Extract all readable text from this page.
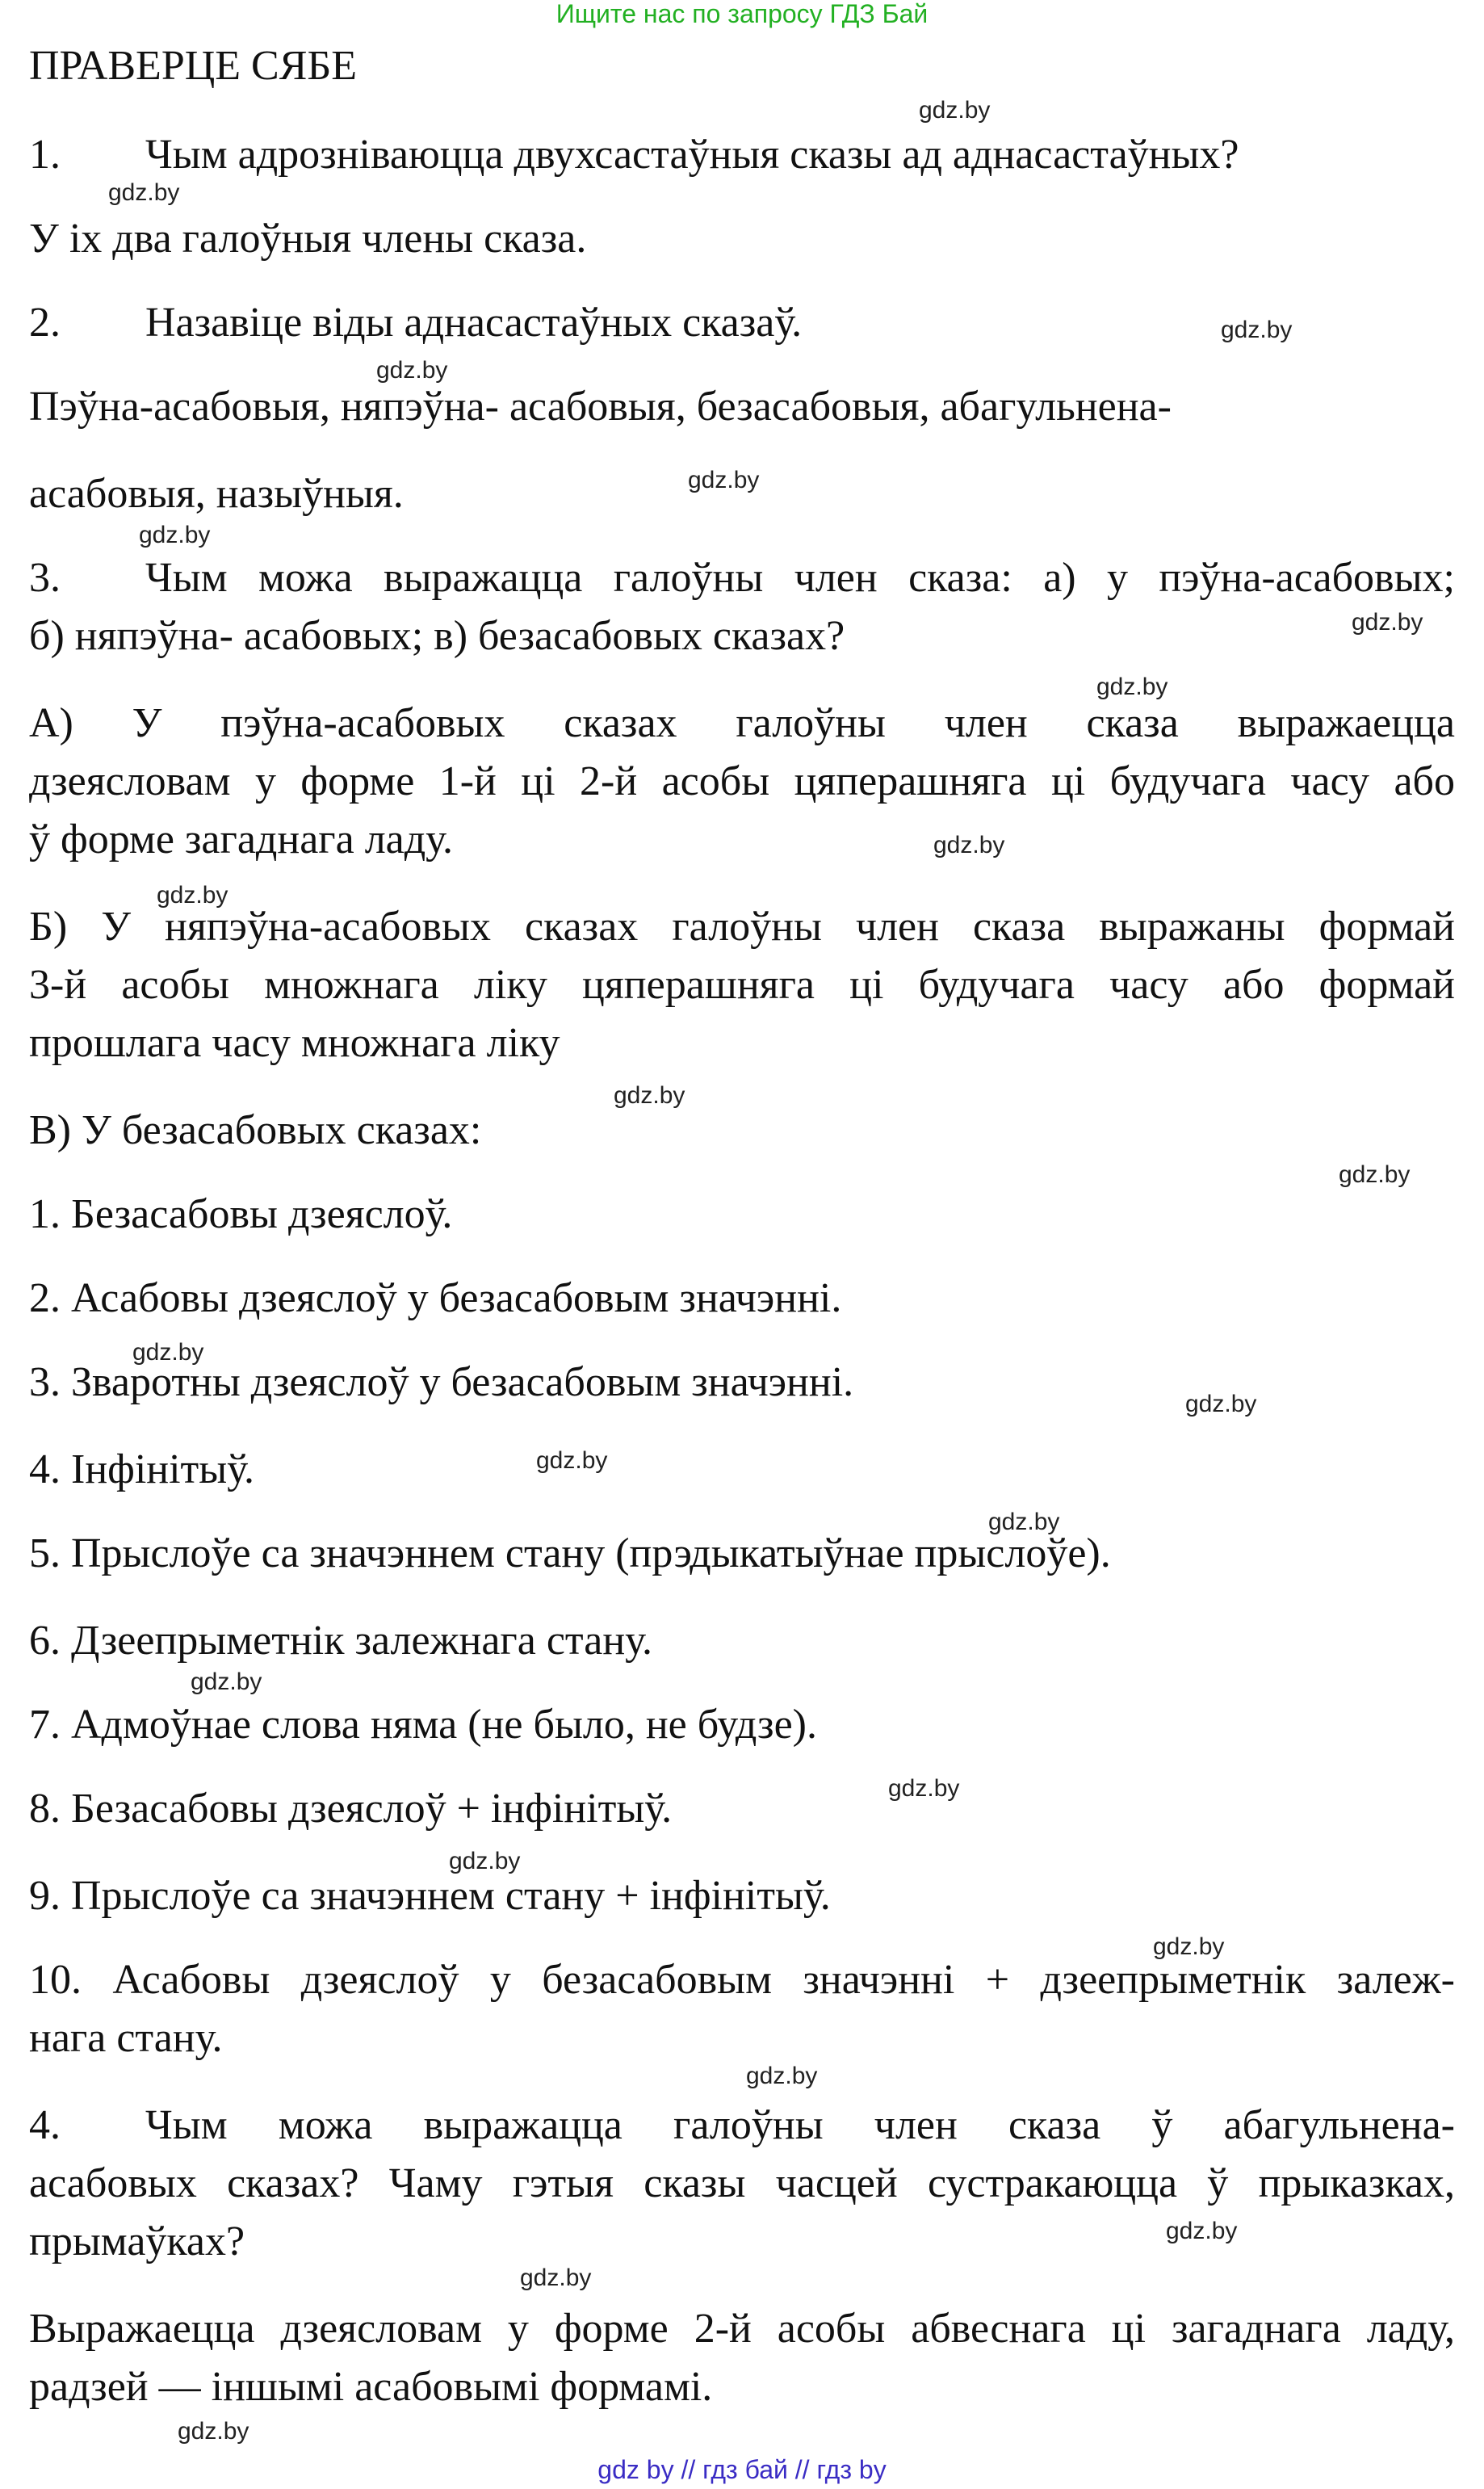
Ищите нас по запросу ГДЗ Бай

ПРАВЕРЦЕ СЯБЕ

1. Чым адрозніваюцца двухсастаўныя сказы ад аднасастаўных?

У іх два галоўныя члены сказа.

2. Назавіце віды аднасастаўных сказаў.

Пэўна-асабовыя, няпэўна- асабовыя, безасабовыя, абагульнена-

асабовыя, назыўныя.

3. Чым можа выражацца галоўны член сказа: а) у пэўна-асабовых;

б) няпэўна- асабовых; в) безасабовых сказах?

А) У пэўна-асабовых сказах галоўны член сказа выражаецца

дзеясловам у форме 1-й ці 2-й асобы цяперашняга ці будучага часу або

ў форме загаднага ладу.

Б) У няпэўна-асабовых сказах галоўны член сказа выражаны формай

3-й асобы множнага ліку цяперашняга ці будучага часу або формай

прошлага часу множнага ліку

В) У безасабовых сказах:

1. Безасабовы дзеяслоў.

2. Асабовы дзеяслоў у безасабовым значэнні.

3. Зваротны дзеяслоў у безасабовым значэнні.

4. Інфінітыў.

5. Прыслоўе са значэннем стану (прэдыкатыўнае прыслоўе).

6. Дзеепрыметнік залежнага стану.

7. Адмоўнае слова няма (не было, не будзе).

8. Безасабовы дзеяслоў + інфінітыў.

9. Прыслоўе са значэннем стану + інфінітыў.

10. Асабовы дзеяслоў у безасабовым значэнні + дзеепрыметнік залеж-

нага стану.

4. Чым можа выражацца галоўны член сказа ў абагульнена-

асабовых сказах? Чаму гэтыя сказы часцей сустракаюцца ў прыказках,

прымаўках?

Выражаецца дзеясловам у форме 2-й асобы абвеснага ці загаднага ладу,

радзей — іншымі асабовымі формамі.

gdz.by
gdz.by
gdz.by
gdz.by
gdz.by
gdz.by
gdz.by
gdz.by
gdz.by
gdz.by
gdz.by
gdz.by
gdz.by
gdz.by
gdz.by
gdz.by
gdz.by
gdz.by
gdz.by
gdz.by
gdz.by
gdz.by
gdz.by
gdz.by
gdz by // гдз бай // гдз by
